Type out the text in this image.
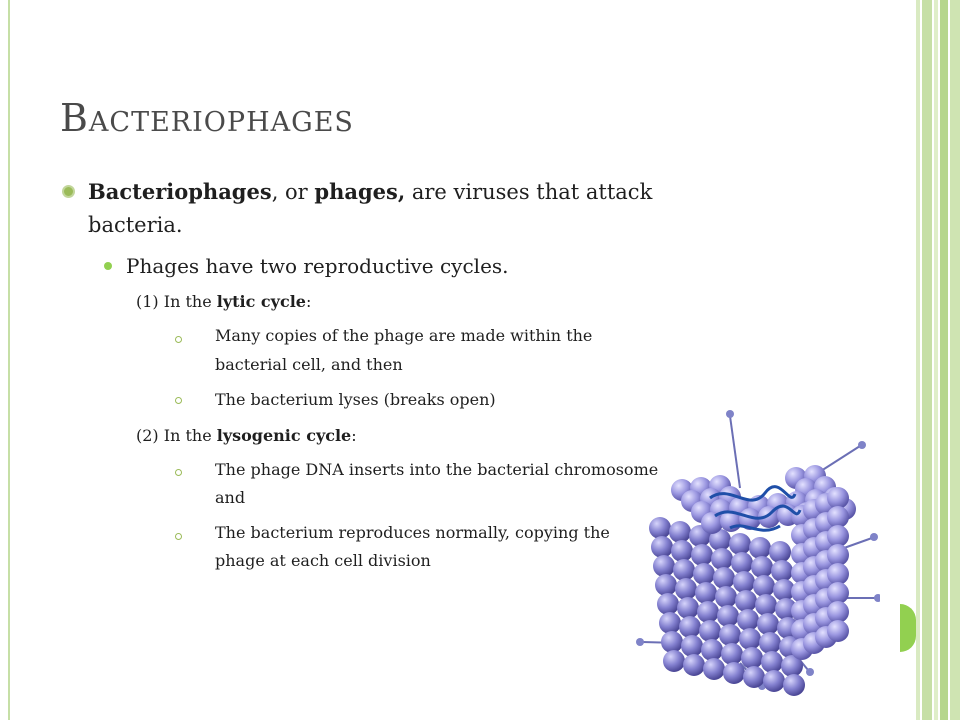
Bacteriophages

Bacteriophages, or phages, are viruses that attack

bacteria.

Phages have two reproductive cycles.

(1) In the lytic cycle:

Many copies of the phage are made within the

bacterial cell, and then

The bacterium lyses (breaks open)

(2) In the lysogenic cycle:

The phage DNA inserts into the bacterial chromosome

and

The bacterium reproduces normally, copying the

phage at each cell division
